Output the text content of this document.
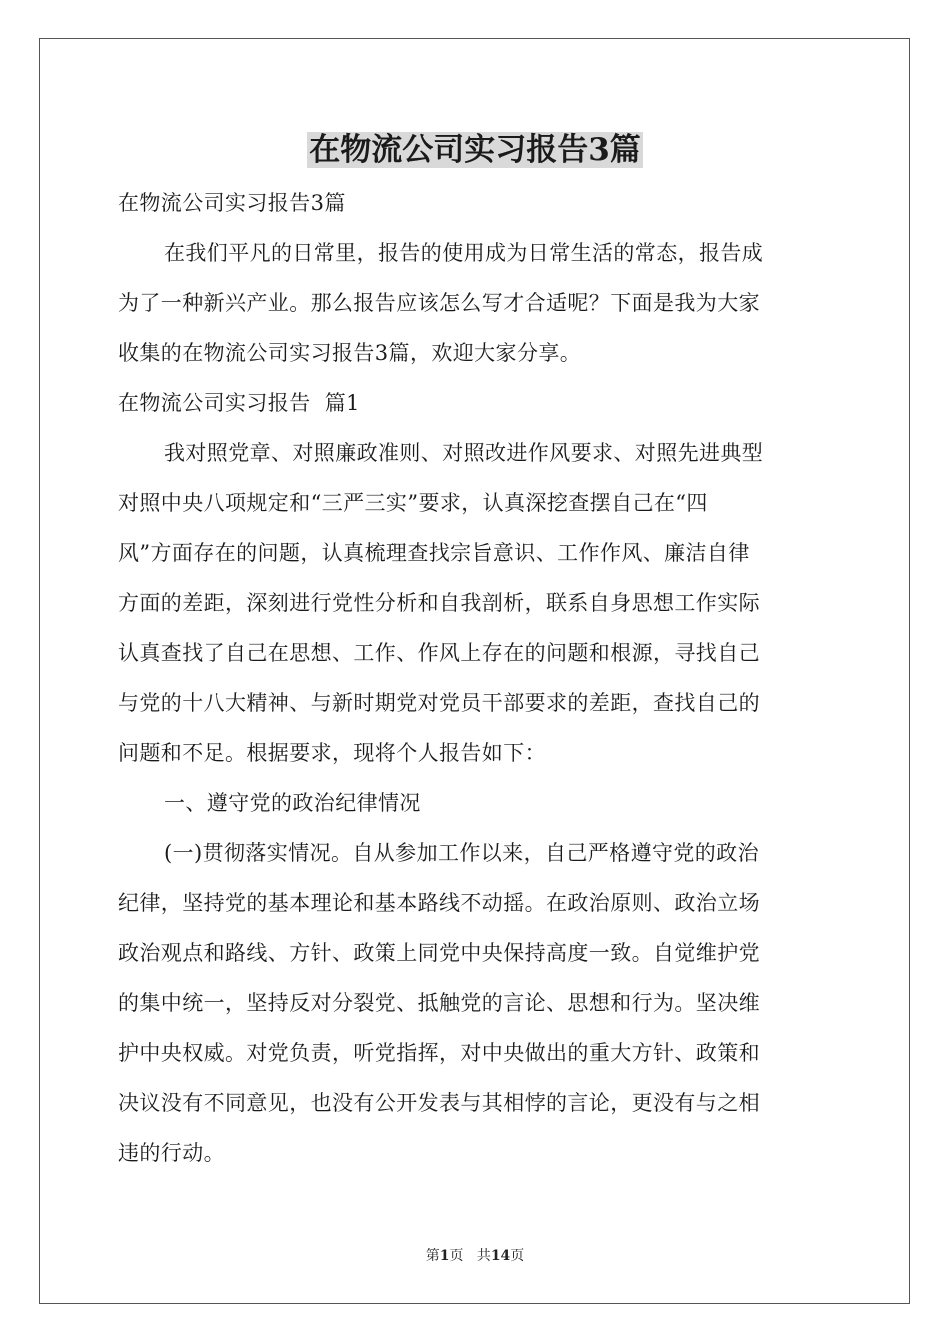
在物流公司实习报告3篇
在物流公司实习报告3篇
在我们平凡的日常里，报告的使用成为日常生活的常态，报告成
为了一种新兴产业。那么报告应该怎么写才合适呢？下面是我为大家
收集的在物流公司实习报告3篇，欢迎大家分享。
在物流公司实习报告  篇1
我对照党章、对照廉政准则、对照改进作风要求、对照先进典型
对照中央八项规定和“三严三实”要求，认真深挖查摆自己在“四
风”方面存在的问题，认真梳理查找宗旨意识、工作作风、廉洁自律
方面的差距，深刻进行党性分析和自我剖析，联系自身思想工作实际
认真查找了自己在思想、工作、作风上存在的问题和根源，寻找自己
与党的十八大精神、与新时期党对党员干部要求的差距，查找自己的
问题和不足。根据要求，现将个人报告如下：
一、遵守党的政治纪律情况
(一)贯彻落实情况。自从参加工作以来，自己严格遵守党的政治
纪律，坚持党的基本理论和基本路线不动摇。在政治原则、政治立场
政治观点和路线、方针、政策上同党中央保持高度一致。自觉维护党
的集中统一，坚持反对分裂党、抵触党的言论、思想和行为。坚决维
护中央权威。对党负责，听党指挥，对中央做出的重大方针、政策和
决议没有不同意见，也没有公开发表与其相悖的言论，更没有与之相
违的行动。
第1页 共14页
